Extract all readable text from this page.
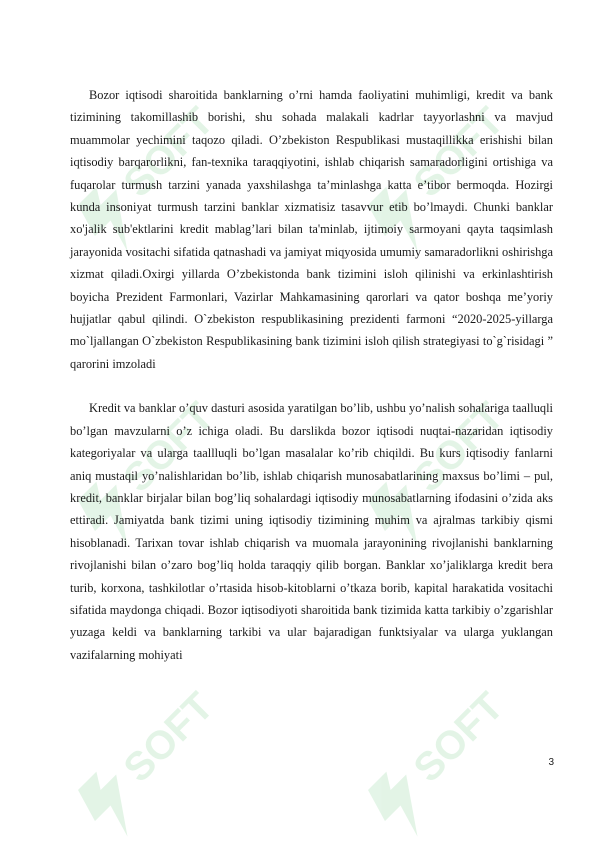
SOFT

Bozor iqtisodi sharoitida banklarning o’rni hamda faoliyatini muhimligi, kredit va bank tizimining takomillashib borishi, shu sohada malakali kadrlar tayyorlashni va mavjud muammolar yechimini taqozo qiladi. O’zbekiston Respublikasi mustaqillikka erishishi bilan iqtisodiy barqarorlikni, fan-texnika taraqqiyotini, ishlab chiqarish samaradorligini ortishiga va fuqarolar turmush tarzini yanada yaxshilashga ta’minlashga katta e’tibor bermoqda. Hozirgi kunda insoniyat turmush tarzini banklar xizmatisiz tasavvur etib bo’lmaydi. Chunki banklar xo'jalik sub'ektlarini kredit mablag’lari bilan ta'minlab, ijtimoiy sarmoyani qayta taqsimlash jarayonida vositachi sifatida qatnashadi va jamiyat miqyosida umumiy samaradorlikni oshirishga xizmat qiladi.Oxirgi yillarda O’zbekistonda bank tizimini isloh qilinishi va erkinlashtirish boyicha Prezident Farmonlari, Vazirlar Mahkamasining qarorlari va qator boshqa me’yoriy hujjatlar qabul qilindi. O`zbekiston respublikasining prezidenti farmoni “2020-2025-yillarga mo`ljallangan O`zbekiston Respublikasining bank tizimini isloh qilish strategiyasi to`g`risidagi ” qarorini imzoladi

Kredit va banklar o’quv dasturi asosida yaratilgan bo’lib, ushbu yo’nalish sohalariga taalluqli bo’lgan mavzularni o’z ichiga oladi. Bu darslikda bozor iqtisodi nuqtai-nazaridan iqtisodiy kategoriyalar va ularga taallluqli bo’lgan masalalar ko’rib chiqildi. Bu kurs iqtisodiy fanlarni aniq mustaqil yo’nalishlaridan bo’lib, ishlab chiqarish munosabatlarining maxsus bo’limi – pul, kredit, banklar birjalar bilan bog’liq sohalardagi iqtisodiy munosabatlarning ifodasini o’zida aks ettiradi. Jamiyatda bank tizimi uning iqtisodiy tizimining muhim va ajralmas tarkibiy qismi hisoblanadi. Tarixan tovar ishlab chiqarish va muomala jarayonining rivojlanishi banklarning rivojlanishi bilan o’zaro bog’liq holda taraqqiy qilib borgan. Banklar xo’jaliklarga kredit bera turib, korxona, tashkilotlar o’rtasida hisob-kitoblarni o’tkaza borib, kapital harakatida vositachi sifatida maydonga chiqadi. Bozor iqtisodiyoti sharoitida bank tizimida katta tarkibiy o’zgarishlar yuzaga keldi va banklarning tarkibi va ular bajaradigan funktsiyalar va ularga yuklangan vazifalarning mohiyati

3
